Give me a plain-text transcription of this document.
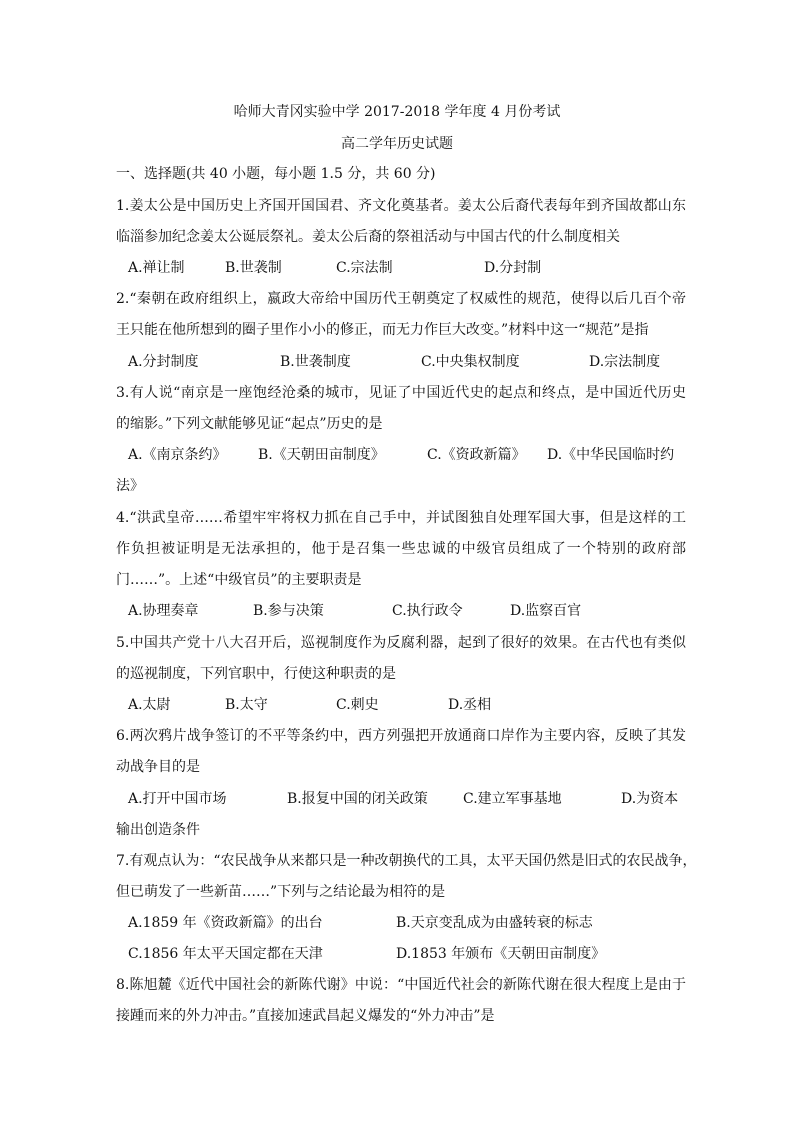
哈师大青冈实验中学 2017-2018 学年度 4 月份考试
高二学年历史试题
一、选择题(共 40 小题，每小题 1.5 分，共 60 分)
1.姜太公是中国历史上齐国开国国君、齐文化奠基者。姜太公后裔代表每年到齐国故都山东
临淄参加纪念姜太公诞辰祭礼。姜太公后裔的祭祖活动与中国古代的什么制度相关
A.禅让制	B.世袭制	C.宗法制	D.分封制
2.“秦朝在政府组织上，嬴政大帝给中国历代王朝奠定了权威性的规范，使得以后几百个帝
王只能在他所想到的圈子里作小小的修正，而无力作巨大改变。”材料中这一“规范”是指
A.分封制度	B.世袭制度	C.中央集权制度	D.宗法制度
3.有人说“南京是一座饱经沧桑的城市，见证了中国近代史的起点和终点，是中国近代历史
的缩影。”下列文献能够见证“起点”历史的是
A.《南京条约》 B.《天朝田亩制度》	C.《资政新篇》 D.《中华民国临时约
法》
4.“洪武皇帝……希望牢牢将权力抓在自己手中，并试图独自处理军国大事，但是这样的工
作负担被证明是无法承担的，他于是召集一些忠诚的中级官员组成了一个特别的政府部
门……”。上述“中级官员”的主要职责是
A.协理奏章	B.参与决策	C.执行政令	D.监察百官
5.中国共产党十八大召开后，巡视制度作为反腐利器，起到了很好的效果。在古代也有类似
的巡视制度，下列官职中，行使这种职责的是
A.太尉	B.太守	C.刺史	D.丞相
6.两次鸦片战争签订的不平等条约中，西方列强把开放通商口岸作为主要内容，反映了其发
动战争目的是
A.打开中国市场	B.报复中国的闭关政策	C.建立军事基地	D.为资本
输出创造条件
7.有观点认为：“农民战争从来都只是一种改朝换代的工具，太平天国仍然是旧式的农民战争，
但已萌发了一些新苗……”下列与之结论最为相符的是
A.1859 年《资政新篇》的出台	B.天京变乱成为由盛转衰的标志
C.1856 年太平天国定都在天津	D.1853 年颁布《天朝田亩制度》
8.陈旭麓《近代中国社会的新陈代谢》中说：“中国近代社会的新陈代谢在很大程度上是由于
接踵而来的外力冲击。”直接加速武昌起义爆发的“外力冲击”是
